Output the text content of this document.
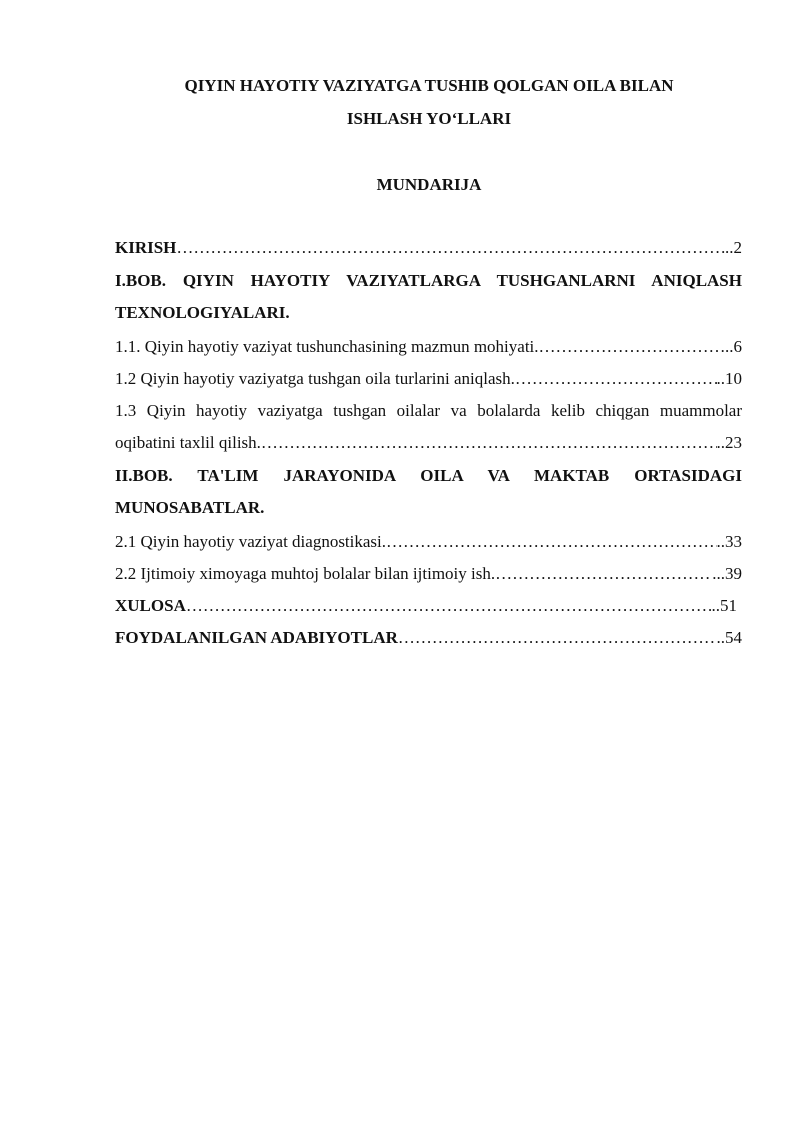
QIYIN HAYOTIY VAZIYATGA TUSHIB QOLGAN OILA BILAN
ISHLASH YO‘LLARI
MUNDARIJA
KIRISH ………………………………………………………………………………………………………………………………………………………………………………………………	..2
I.BOB. QIYIN HAYOTIY VAZIYATLARGA TUSHGANLARNI ANIQLASH
TEXNOLOGIYALARI.
1.1. Qiyin hayotiy vaziyat tushunchasining mazmun mohiyati. ………………………………………………………………………………………………………………………………………………………………………………………………	..6
1.2 Qiyin hayotiy vaziyatga tushgan oila turlarini aniqlash. ………………………………………………………………………………………………………………………………………………………………………………………………	..10
1.3 Qiyin hayotiy vaziyatga tushgan oilalar va bolalarda kelib chiqgan muammolar
oqibatini taxlil qilish. ………………………………………………………………………………………………………………………………………………………………………………………………	..23
II.BOB. TA'LIM JARAYONIDA OILA VA MAKTAB ORTASIDAGI
MUNOSABATLAR.
2.1 Qiyin hayotiy vaziyat diagnostikasi. ………………………………………………………………………………………………………………………………………………………………………………………………	..33
2.2 Ijtimoiy ximoyaga muhtoj bolalar bilan ijtimoiy ish. ………………………………………………………………………………………………………………………………………………………………………………………………	...39
XULOSA ………………………………………………………………………………………………………………………………………………………………………………………………	..51
FOYDALANILGAN ADABIYOTLAR ………………………………………………………………………………………………………………………………………………………………………………………………	..54
